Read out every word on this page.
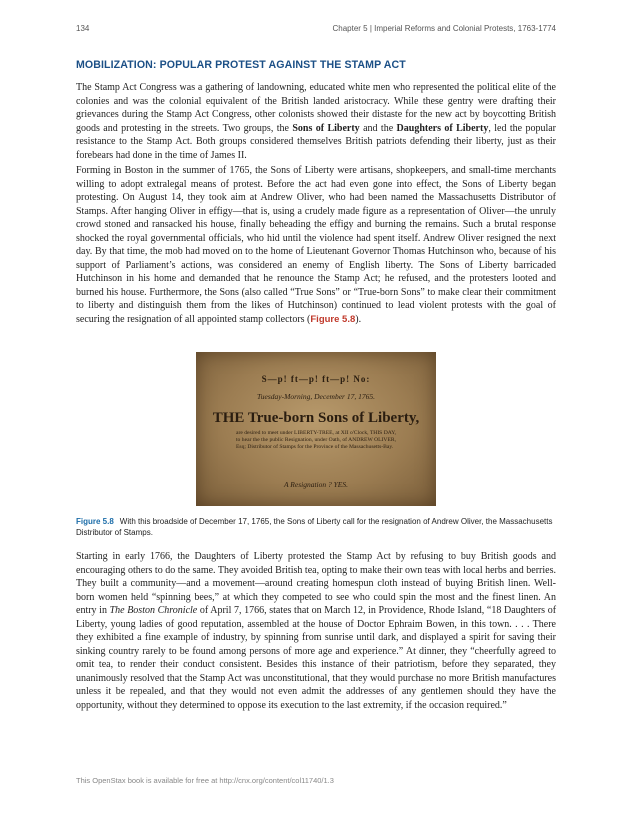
134	Chapter 5 | Imperial Reforms and Colonial Protests, 1763-1774
MOBILIZATION: POPULAR PROTEST AGAINST THE STAMP ACT

The Stamp Act Congress was a gathering of landowning, educated white men who represented the political elite of the colonies and was the colonial equivalent of the British landed aristocracy. While these gentry were drafting their grievances during the Stamp Act Congress, other colonists showed their distaste for the new act by boycotting British goods and protesting in the streets. Two groups, the Sons of Liberty and the Daughters of Liberty, led the popular resistance to the Stamp Act. Both groups considered themselves British patriots defending their liberty, just as their forebears had done in the time of James II.

Forming in Boston in the summer of 1765, the Sons of Liberty were artisans, shopkeepers, and small-time merchants willing to adopt extralegal means of protest. Before the act had even gone into effect, the Sons of Liberty began protesting. On August 14, they took aim at Andrew Oliver, who had been named the Massachusetts Distributor of Stamps. After hanging Oliver in effigy—that is, using a crudely made figure as a representation of Oliver—the unruly crowd stoned and ransacked his house, finally beheading the effigy and burning the remains. Such a brutal response shocked the royal governmental officials, who hid until the violence had spent itself. Andrew Oliver resigned the next day. By that time, the mob had moved on to the home of Lieutenant Governor Thomas Hutchinson who, because of his support of Parliament’s actions, was considered an enemy of English liberty. The Sons of Liberty barricaded Hutchinson in his home and demanded that he renounce the Stamp Act; he refused, and the protesters looted and burned his house. Furthermore, the Sons (also called “True Sons” or “True-born Sons” to make clear their commitment to liberty and distinguish them from the likes of Hutchinson) continued to lead violent protests with the goal of securing the resignation of all appointed stamp collectors (Figure 5.8).

S—p! ft—p! ft—p! No:
Tuesday-Morning, December 17, 1765.
THE True-born Sons of Liberty,
are desired to meet under LIBERTY-TREE, at XII o'Clock, THIS DAY, to hear the the public Resignation, under Oath, of ANDREW OLIVER, Esq; Distributor of Stamps for the Province of the Massachusetts-Bay.
A Resignation ? YES.

Figure 5.8 With this broadside of December 17, 1765, the Sons of Liberty call for the resignation of Andrew Oliver, the Massachusetts Distributor of Stamps.

Starting in early 1766, the Daughters of Liberty protested the Stamp Act by refusing to buy British goods and encouraging others to do the same. They avoided British tea, opting to make their own teas with local herbs and berries. They built a community—and a movement—around creating homespun cloth instead of buying British linen. Well-born women held “spinning bees,” at which they competed to see who could spin the most and the finest linen. An entry in The Boston Chronicle of April 7, 1766, states that on March 12, in Providence, Rhode Island, “18 Daughters of Liberty, young ladies of good reputation, assembled at the house of Doctor Ephraim Bowen, in this town. . . . There they exhibited a fine example of industry, by spinning from sunrise until dark, and displayed a spirit for saving their sinking country rarely to be found among persons of more age and experience.” At dinner, they “cheerfully agreed to omit tea, to render their conduct consistent. Besides this instance of their patriotism, before they separated, they unanimously resolved that the Stamp Act was unconstitutional, that they would purchase no more British manufactures unless it be repealed, and that they would not even admit the addresses of any gentlemen should they have the opportunity, without they determined to oppose its execution to the last extremity, if the occasion required.”

This OpenStax book is available for free at http://cnx.org/content/col11740/1.3
